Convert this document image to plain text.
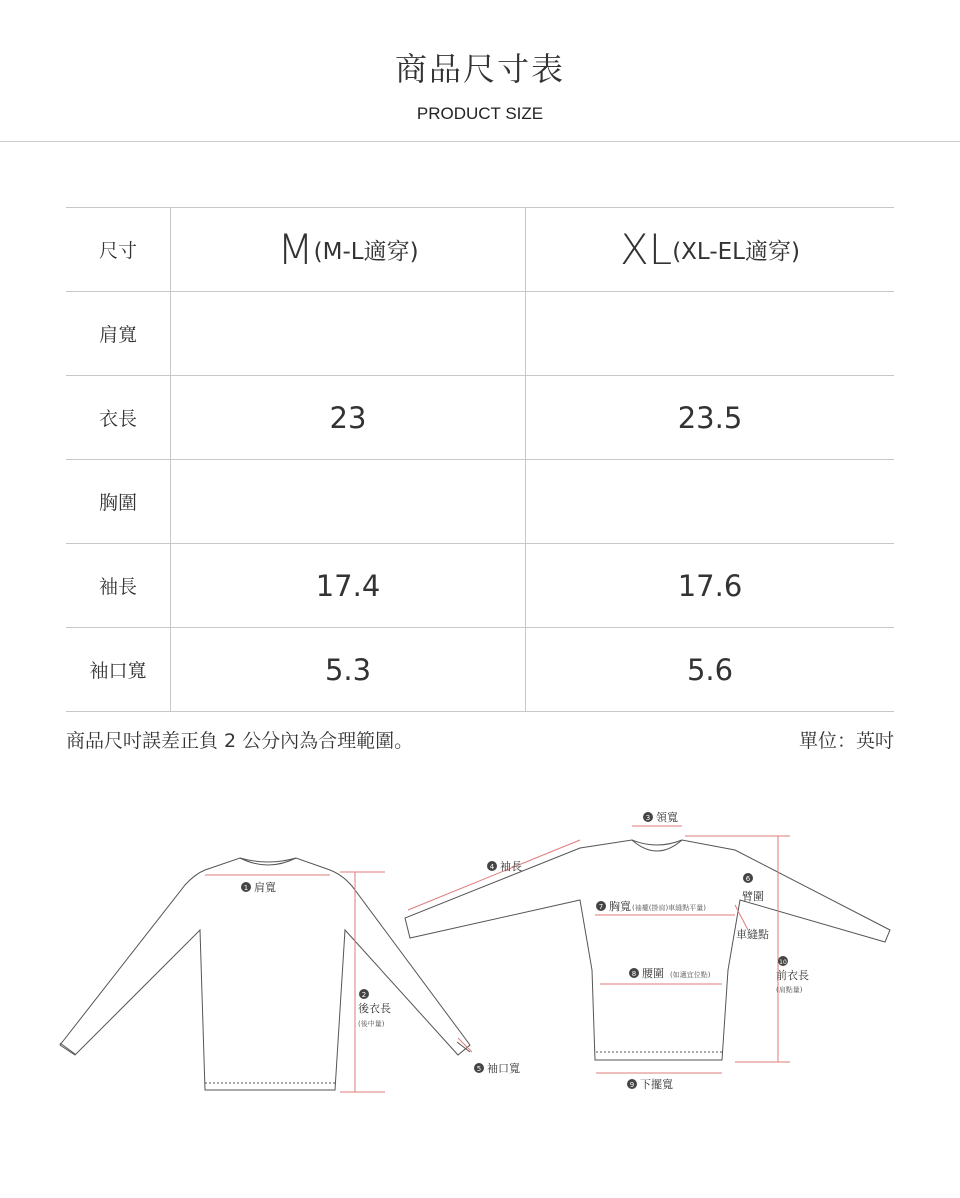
商品尺寸表
PRODUCT SIZE
尺寸	M(M-L適穿)	XL(XL-EL適穿)
肩寬		
衣長	23	23.5
胸圍		
袖長	17.4	17.6
袖口寬	5.3	5.6
商品尺吋誤差正負 2 公分內為合理範圍。	單位：英吋
1 肩寬
2
後衣長
(後中量)
5 袖口寬
4 袖長
3 領寬
7 胸寬 (袖襱(掛肩)車縫點平量)
6
臂圍
車縫點
8 腰圍 (如適宜位點)
10
前衣長
(肩點量)
9 下擺寬
